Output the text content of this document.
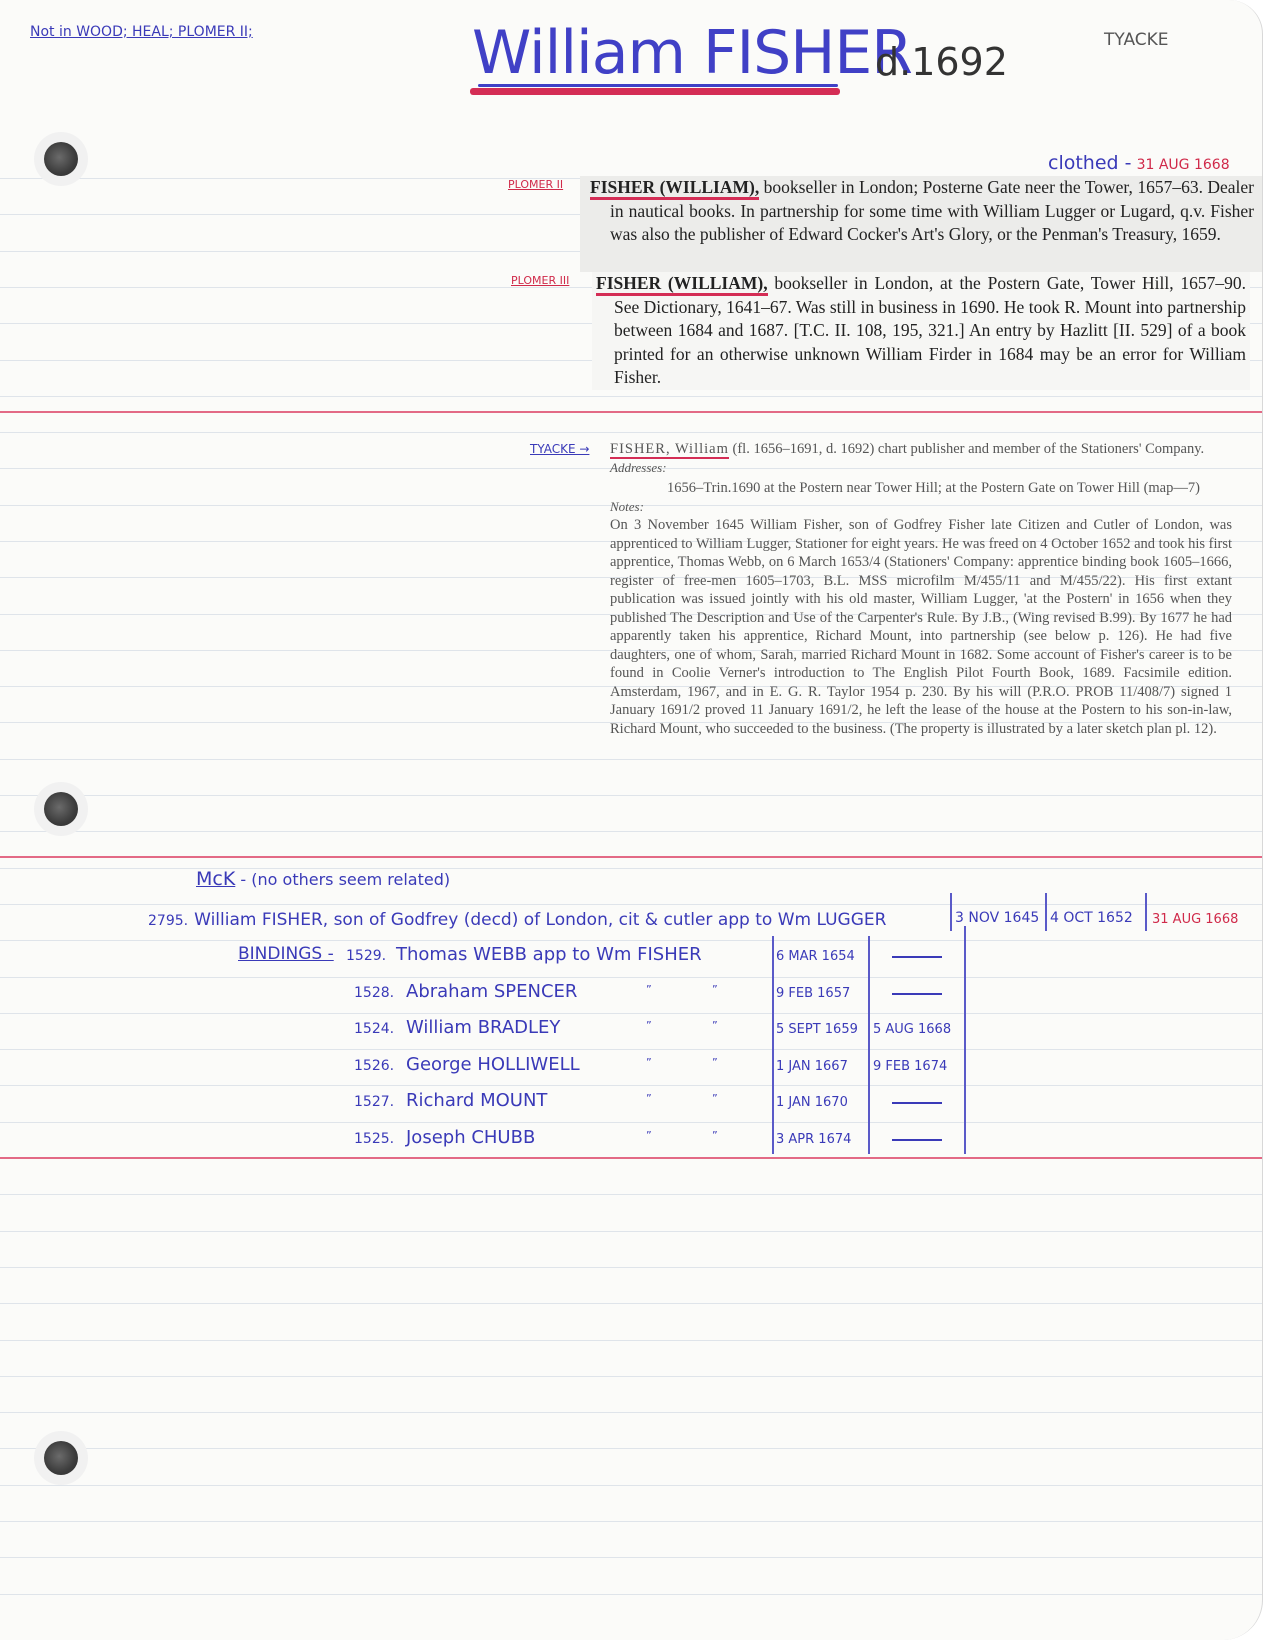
Not in WOOD; HEAL; PLOMER II;	William FISHER
d.1692	TYACKE
clothed - 31 AUG 1668
PLOMER II FISHER (WILLIAM), bookseller in London; Posterne Gate neer the Tower, 1657–63. Dealer in nautical books. In partnership for some time with William Lugger or Lugard, q.v. Fisher was also the publisher of Edward Cocker's Art's Glory, or the Penman's Treasury, 1659.

PLOMER III FISHER (WILLIAM), bookseller in London, at the Postern Gate, Tower Hill, 1657–90. See Dictionary, 1641–67. Was still in business in 1690. He took R. Mount into partnership between 1684 and 1687. [T.C. II. 108, 195, 321.] An entry by Hazlitt [II. 529] of a book printed for an otherwise unknown William Firder in 1684 may be an error for William Fisher.

TYACKE → FISHER, William (fl. 1656–1691, d. 1692) chart publisher and member of the Stationers' Company.

Addresses:

1656–Trin.1690 at the Postern near Tower Hill; at the Postern Gate on Tower Hill (map—7)

Notes:

On 3 November 1645 William Fisher, son of Godfrey Fisher late Citizen and Cutler of London, was apprenticed to William Lugger, Stationer for eight years. He was freed on 4 October 1652 and took his first apprentice, Thomas Webb, on 6 March 1653/4 (Stationers' Company: apprentice binding book 1605–1666, register of free-men 1605–1703, B.L. MSS microfilm M/455/11 and M/455/22). His first extant publication was issued jointly with his old master, William Lugger, 'at the Postern' in 1656 when they published The Description and Use of the Carpenter's Rule. By J.B., (Wing revised B.99). By 1677 he had apparently taken his apprentice, Richard Mount, into partnership (see below p. 126). He had five daughters, one of whom, Sarah, married Richard Mount in 1682. Some account of Fisher's career is to be found in Coolie Verner's introduction to The English Pilot Fourth Book, 1689. Facsimile edition. Amsterdam, 1967, and in E. G. R. Taylor 1954 p. 230. By his will (P.R.O. PROB 11/408/7) signed 1 January 1691/2 proved 11 January 1691/2, he left the lease of the house at the Postern to his son-in-law, Richard Mount, who succeeded to the business. (The property is illustrated by a later sketch plan pl. 12).

McK - (no others seem related)
2795. William FISHER, son of Godfrey (decd) of London, cit & cutler app to Wm LUGGER	3 NOV 1645 4 OCT 1652 31 AUG 1668
BINDINGS - 1529. Thomas WEBB app to Wm FISHER	6 MAR 1654
1528. Abraham SPENCER	”	”	9 FEB 1657
1524. William BRADLEY	”	”	5 SEPT 1659 5 AUG 1668
1526. George HOLLIWELL	”	”	1 JAN 1667 9 FEB 1674
1527. Richard MOUNT	”	”	1 JAN 1670
1525. Joseph CHUBB	”	”	3 APR 1674
